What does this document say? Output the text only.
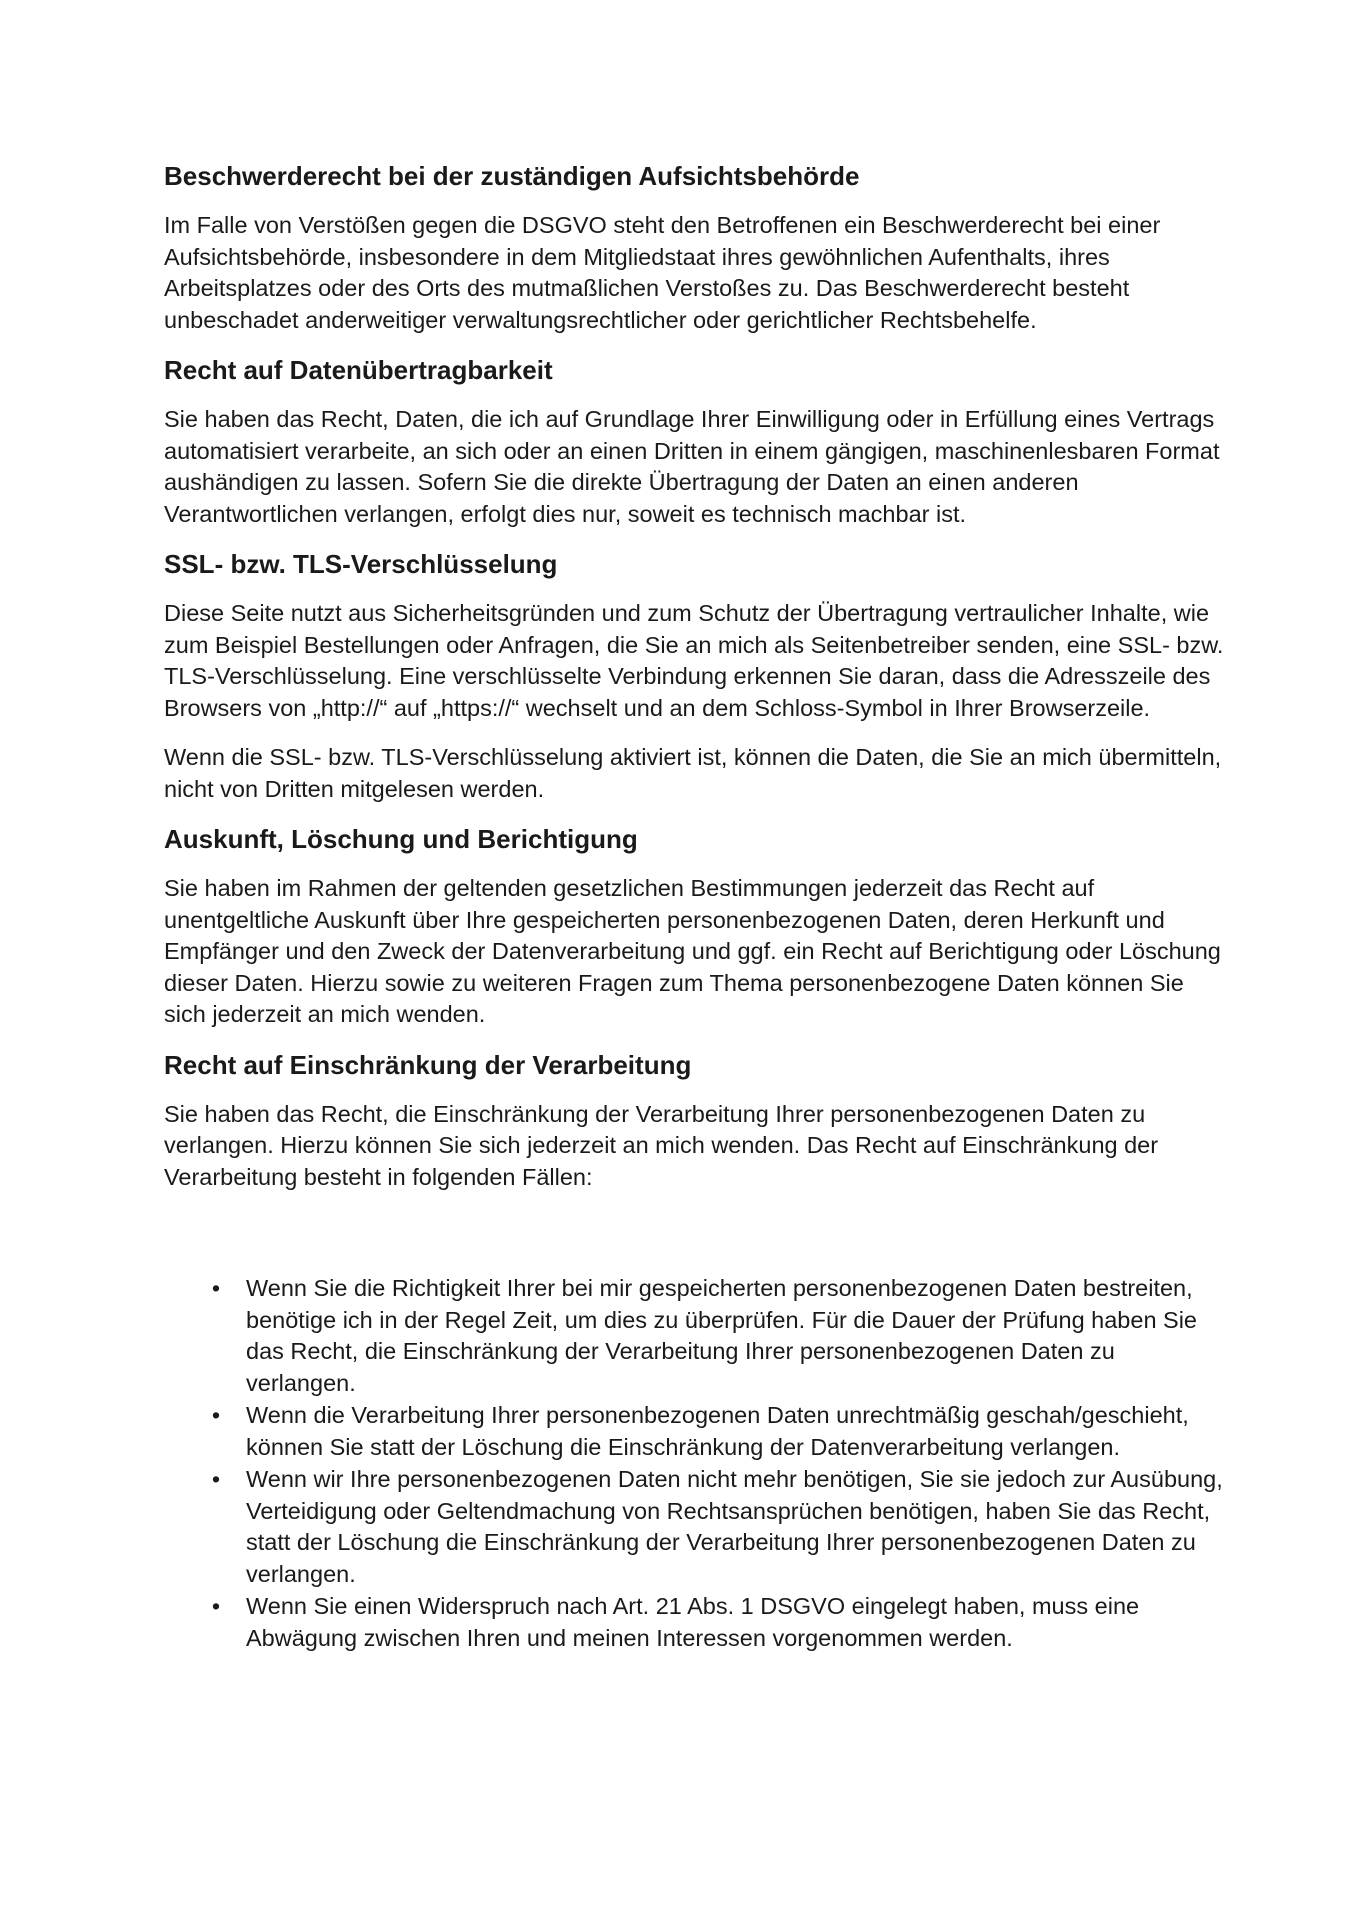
Beschwerderecht bei der zuständigen Aufsichtsbehörde

Im Falle von Verstößen gegen die DSGVO steht den Betroffenen ein Beschwerderecht bei einer Aufsichtsbehörde, insbesondere in dem Mitgliedstaat ihres gewöhnlichen Aufenthalts, ihres Arbeitsplatzes oder des Orts des mutmaßlichen Verstoßes zu. Das Beschwerderecht besteht unbeschadet anderweitiger verwaltungsrechtlicher oder gerichtlicher Rechtsbehelfe.

Recht auf Datenübertragbarkeit

Sie haben das Recht, Daten, die ich auf Grundlage Ihrer Einwilligung oder in Erfüllung eines Vertrags automatisiert verarbeite, an sich oder an einen Dritten in einem gängigen, maschinenlesbaren Format aushändigen zu lassen. Sofern Sie die direkte Übertragung der Daten an einen anderen Verantwortlichen verlangen, erfolgt dies nur, soweit es technisch machbar ist.

SSL- bzw. TLS-Verschlüsselung

Diese Seite nutzt aus Sicherheitsgründen und zum Schutz der Übertragung vertraulicher Inhalte, wie zum Beispiel Bestellungen oder Anfragen, die Sie an mich als Seitenbetreiber senden, eine SSL- bzw. TLS-Verschlüsselung. Eine verschlüsselte Verbindung erkennen Sie daran, dass die Adresszeile des Browsers von „http://“ auf „https://“ wechselt und an dem Schloss-Symbol in Ihrer Browserzeile.

Wenn die SSL- bzw. TLS-Verschlüsselung aktiviert ist, können die Daten, die Sie an mich übermitteln, nicht von Dritten mitgelesen werden.

Auskunft, Löschung und Berichtigung

Sie haben im Rahmen der geltenden gesetzlichen Bestimmungen jederzeit das Recht auf unentgeltliche Auskunft über Ihre gespeicherten personenbezogenen Daten, deren Herkunft und Empfänger und den Zweck der Datenverarbeitung und ggf. ein Recht auf Berichtigung oder Löschung dieser Daten. Hierzu sowie zu weiteren Fragen zum Thema personenbezogene Daten können Sie sich jederzeit an mich wenden.

Recht auf Einschränkung der Verarbeitung

Sie haben das Recht, die Einschränkung der Verarbeitung Ihrer personenbezogenen Daten zu verlangen. Hierzu können Sie sich jederzeit an mich wenden. Das Recht auf Einschränkung der Verarbeitung besteht in folgenden Fällen:

• Wenn Sie die Richtigkeit Ihrer bei mir gespeicherten personenbezogenen Daten bestreiten, benötige ich in der Regel Zeit, um dies zu überprüfen. Für die Dauer der Prüfung haben Sie das Recht, die Einschränkung der Verarbeitung Ihrer personenbezogenen Daten zu verlangen.
• Wenn die Verarbeitung Ihrer personenbezogenen Daten unrechtmäßig geschah/geschieht, können Sie statt der Löschung die Einschränkung der Datenverarbeitung verlangen.
• Wenn wir Ihre personenbezogenen Daten nicht mehr benötigen, Sie sie jedoch zur Ausübung, Verteidigung oder Geltendmachung von Rechtsansprüchen benötigen, haben Sie das Recht, statt der Löschung die Einschränkung der Verarbeitung Ihrer personenbezogenen Daten zu verlangen.
• Wenn Sie einen Widerspruch nach Art. 21 Abs. 1 DSGVO eingelegt haben, muss eine Abwägung zwischen Ihren und meinen Interessen vorgenommen werden.
